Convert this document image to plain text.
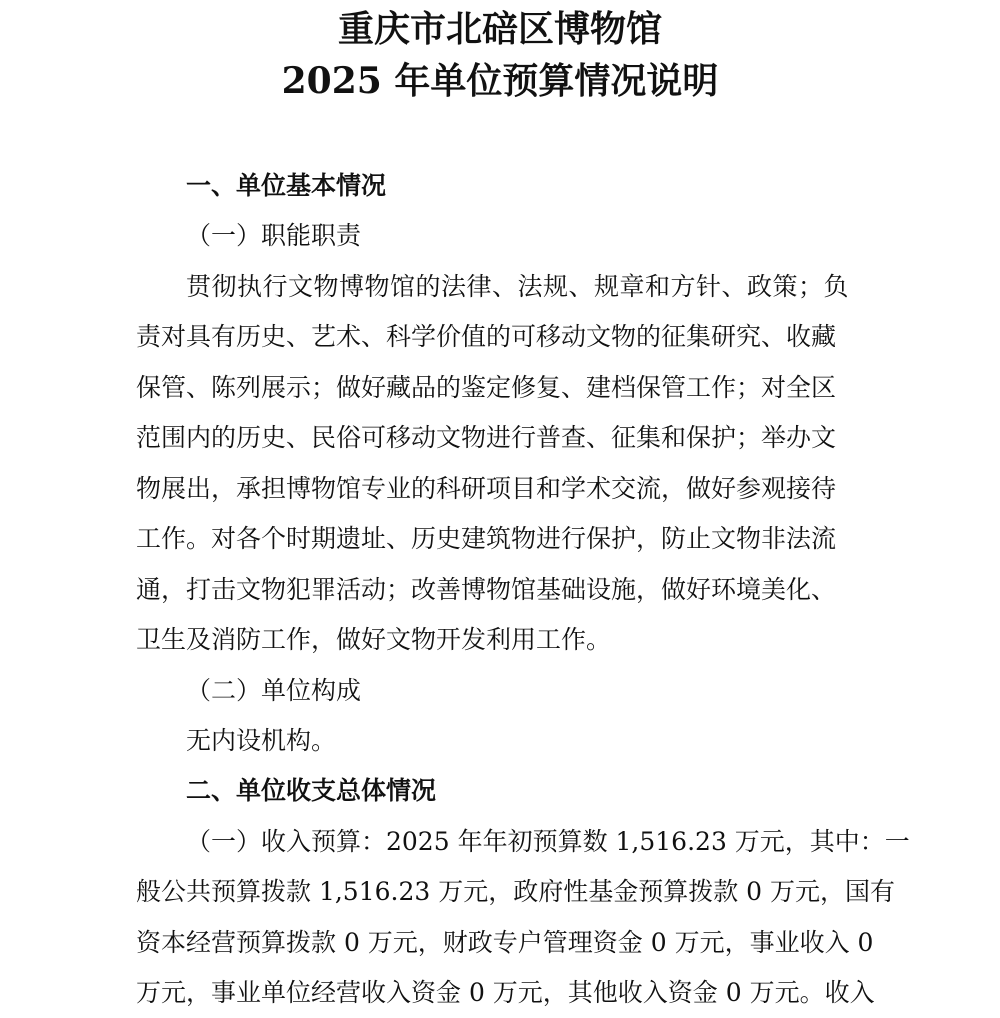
重庆市北碚区博物馆
2025 年单位预算情况说明

一、单位基本情况

（一）职能职责

贯彻执行文物博物馆的法律、法规、规章和方针、政策；负

责对具有历史、艺术、科学价值的可移动文物的征集研究、收藏

保管、陈列展示；做好藏品的鉴定修复、建档保管工作；对全区

范围内的历史、民俗可移动文物进行普查、征集和保护；举办文

物展出，承担博物馆专业的科研项目和学术交流，做好参观接待

工作。对各个时期遗址、历史建筑物进行保护，防止文物非法流

通，打击文物犯罪活动；改善博物馆基础设施，做好环境美化、

卫生及消防工作，做好文物开发利用工作。

（二）单位构成

无内设机构。

二、单位收支总体情况

（一）收入预算：2025 年年初预算数 1,516.23 万元，其中：一

般公共预算拨款 1,516.23 万元，政府性基金预算拨款 0 万元，国有

资本经营预算拨款 0 万元，财政专户管理资金 0 万元，事业收入 0

万元，事业单位经营收入资金 0 万元，其他收入资金 0 万元。收入
